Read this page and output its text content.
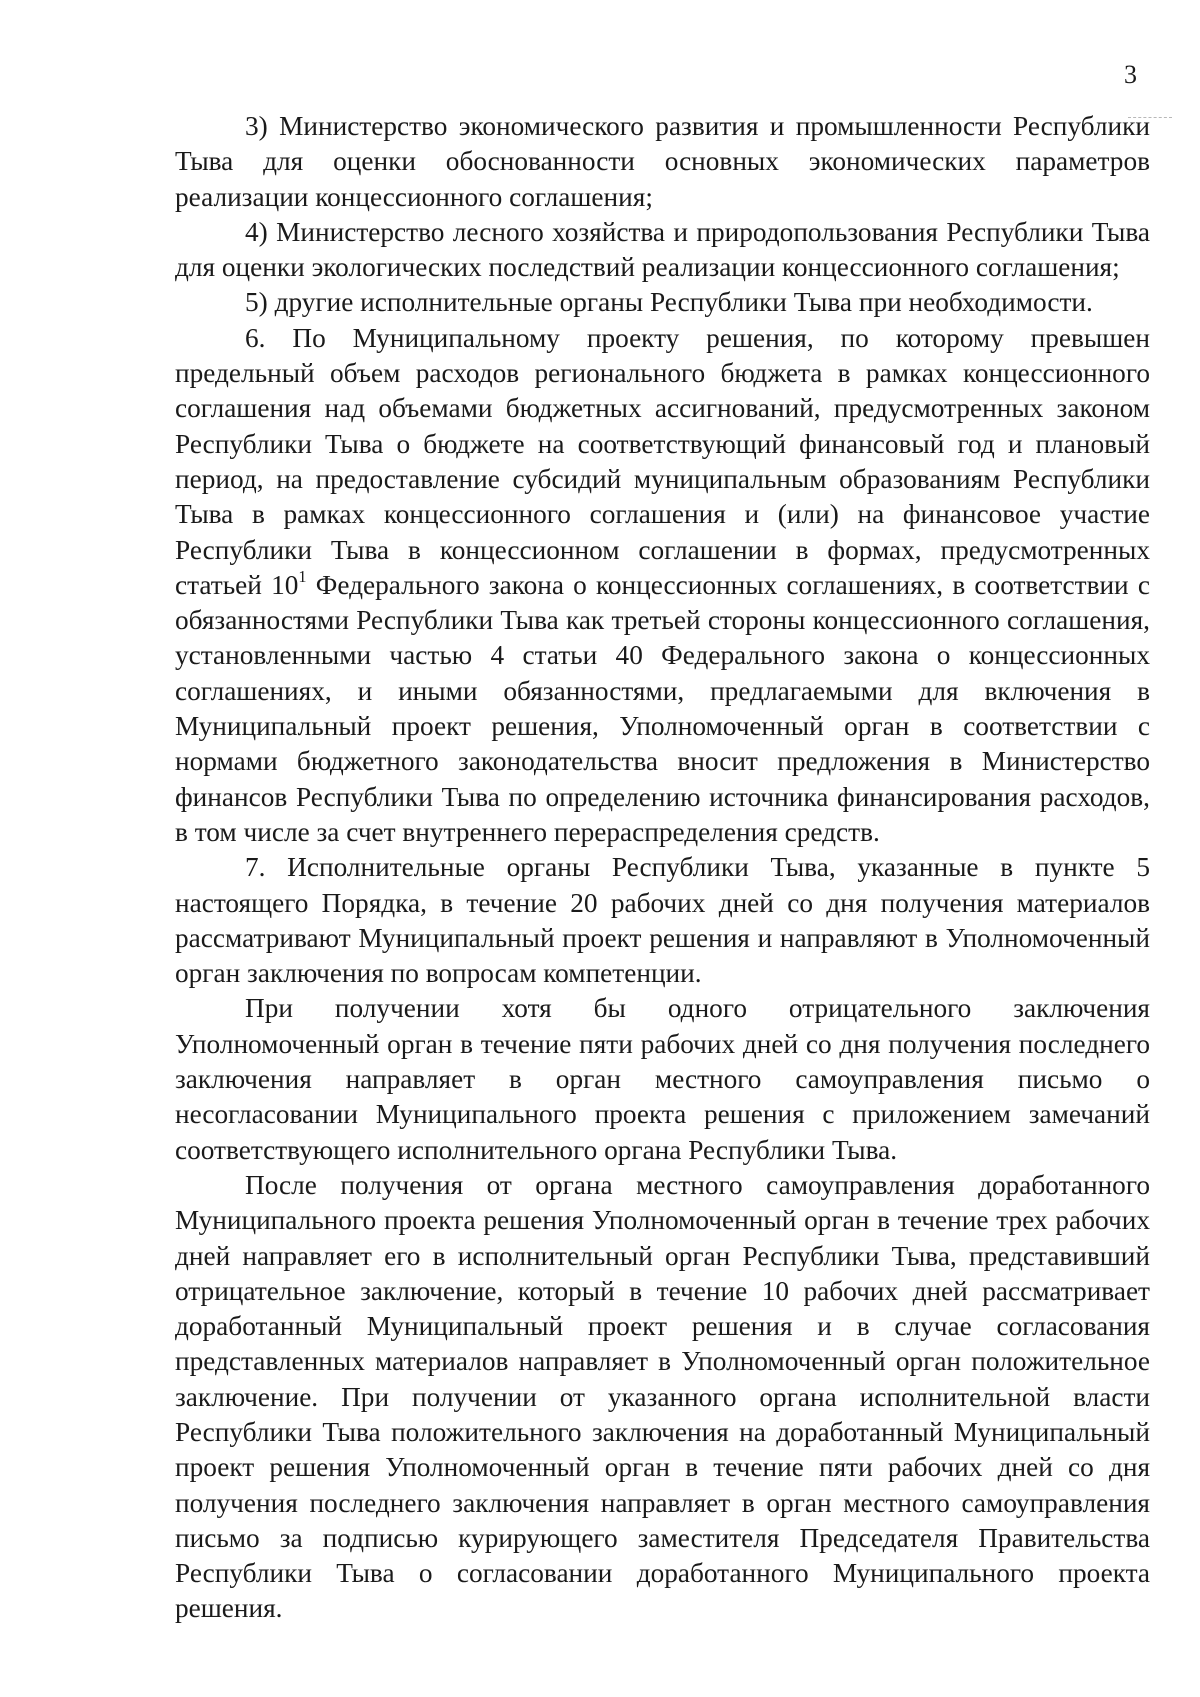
3

3) Министерство экономического развития и промышленности Республики Тыва для оценки обоснованности основных экономических параметров реализации концессионного соглашения;

4) Министерство лесного хозяйства и природопользования Республики Тыва для оценки экологических последствий реализации концессионного соглашения;

5) другие исполнительные органы Республики Тыва при необходимости.

6. По Муниципальному проекту решения, по которому превышен предельный объем расходов регионального бюджета в рамках концессионного соглашения над объемами бюджетных ассигнований, предусмотренных законом Республики Тыва о бюджете на соответствующий финансовый год и плановый период, на предоставление субсидий муниципальным образованиям Республики Тыва в рамках концессионного соглашения и (или) на финансовое участие Республики Тыва в концессионном соглашении в формах, предусмотренных статьей $10^1$ Федерального закона о концессионных соглашениях, в соответствии с обязанностями Республики Тыва как третьей стороны концессионного соглашения, установленными частью 4 статьи 40 Федерального закона о концессионных соглашениях, и иными обязанностями, предлагаемыми для включения в Муниципальный проект решения, Уполномоченный орган в соответствии с нормами бюджетного законодательства вносит предложения в Министерство финансов Республики Тыва по определению источника финансирования расходов, в том числе за счет внутреннего перераспределения средств.

7. Исполнительные органы Республики Тыва, указанные в пункте 5 настоящего Порядка, в течение 20 рабочих дней со дня получения материалов рассматривают Муниципальный проект решения и направляют в Уполномоченный орган заключения по вопросам компетенции.

При получении хотя бы одного отрицательного заключения Уполномоченный орган в течение пяти рабочих дней со дня получения последнего заключения направляет в орган местного самоуправления письмо о несогласовании Муниципального проекта решения с приложением замечаний соответствующего исполнительного органа Республики Тыва.

После получения от органа местного самоуправления доработанного Муниципального проекта решения Уполномоченный орган в течение трех рабочих дней направляет его в исполнительный орган Республики Тыва, представивший отрицательное заключение, который в течение 10 рабочих дней рассматривает доработанный Муниципальный проект решения и в случае согласования представленных материалов направляет в Уполномоченный орган положительное заключение. При получении от указанного органа исполнительной власти Республики Тыва положительного заключения на доработанный Муниципальный проект решения Уполномоченный орган в течение пяти рабочих дней со дня получения последнего заключения направляет в орган местного самоуправления письмо за подписью курирующего заместителя Председателя Правительства Республики Тыва о согласовании доработанного Муниципального проекта решения.
